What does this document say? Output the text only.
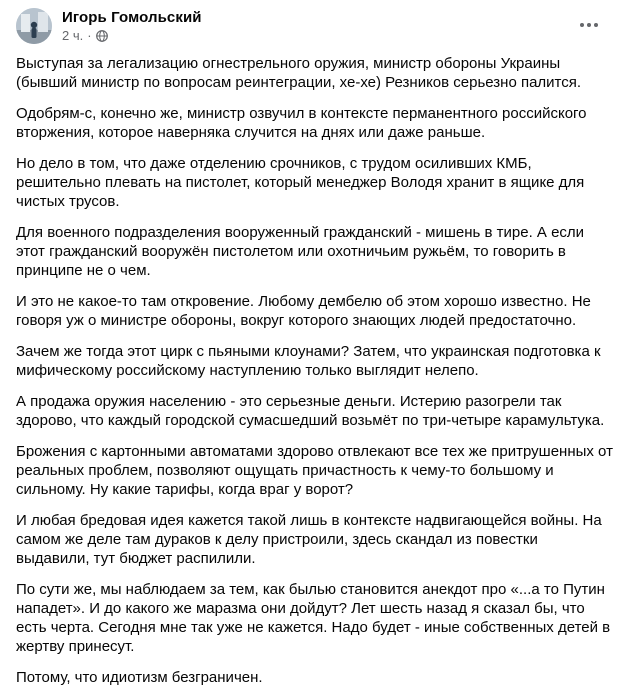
Игорь Гомольский
2 ч. ·

Выступая за легализацию огнестрельного оружия, министр обороны Украины (бывший министр по вопросам реинтеграции, хе-хе) Резников серьезно палится.

Одобрям-с, конечно же, министр озвучил в контексте перманентного российского вторжения, которое наверняка случится на днях или даже раньше.

Но дело в том, что даже отделению срочников, с трудом осиливших КМБ, решительно плевать на пистолет, который менеджер Володя хранит в ящике для чистых трусов.

Для военного подразделения вооруженный гражданский - мишень в тире. А если этот гражданский вооружён пистолетом или охотничьим ружьём, то говорить в принципе не о чем.

И это не какое-то там откровение. Любому дембелю об этом хорошо известно. Не говоря уж о министре обороны, вокруг которого знающих людей предостаточно.

Зачем же тогда этот цирк с пьяными клоунами? Затем, что украинская подготовка к мифическому российскому наступлению только выглядит нелепо.

А продажа оружия населению - это серьезные деньги. Истерию разогрели так здорово, что каждый городской сумасшедший возьмёт по три-четыре карамультука.

Брожения с картонными автоматами здорово отвлекают все тех же притрушенных от реальных проблем, позволяют ощущать причастность к чему-то большому и сильному. Ну какие тарифы, когда враг у ворот?

И любая бредовая идея кажется такой лишь в контексте надвигающейся войны. На самом же деле там дураков к делу пристроили, здесь скандал из повестки выдавили, тут бюджет распилили.

По сути же, мы наблюдаем за тем, как былью становится анекдот про «...а то Путин нападет». И до какого же маразма они дойдут? Лет шесть назад я сказал бы, что есть черта. Сегодня мне так уже не кажется. Надо будет - иные собственных детей в жертву принесут.

Потому, что идиотизм безграничен.
